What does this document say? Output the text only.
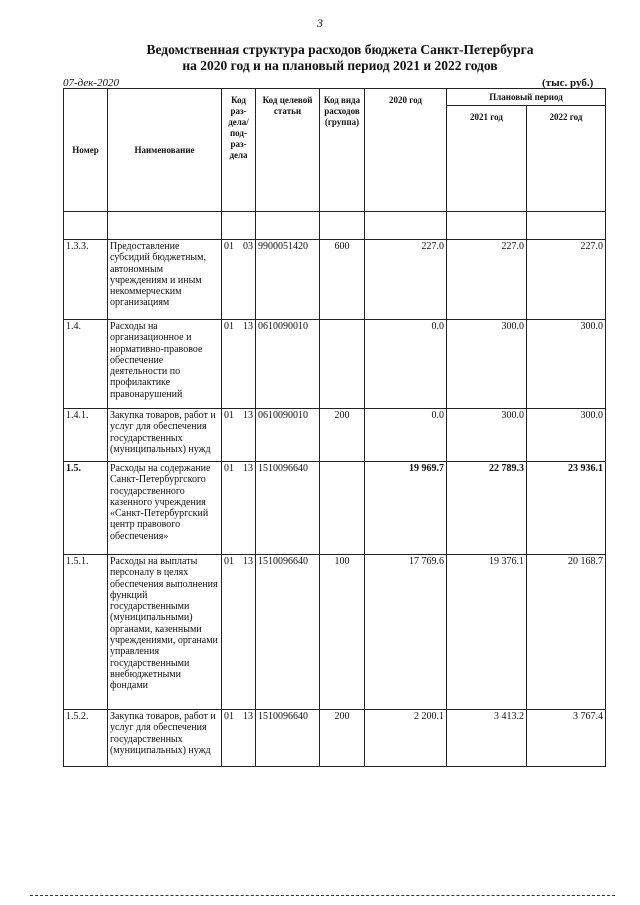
3
Ведомственная структура расходов бюджета Санкт-Петербурга
на 2020 год и на плановый период 2021 и 2022 годов
07-дек-2020	(тыс. руб.)
Номер	Наименование	Код раз-дела/ под-раз-дела	Код целевой статьи	Код вида расходов (группа)	2020 год	Плановый период	
						2021 год	2022 год

1.3.3.	Предоставление субсидий бюджетным, автономным учреждениям и иным некоммерческим организациям	01 03	9900051420	600	227.0	227.0	227.0
1.4.	Расходы на организационное и нормативно-правовое обеспечение деятельности по профилактике правонарушений	01 13	0610090010		0.0	300.0	300.0
1.4.1.	Закупка товаров, работ и услуг для обеспечения государственных (муниципальных) нужд	01 13	0610090010	200	0.0	300.0	300.0
1.5.	Расходы на содержание Санкт-Петербургского государственного казенного учреждения «Санкт-Петербургский центр правового обеспечения»	01 13	1510096640		19 969.7	22 789.3	23 936.1
1.5.1.	Расходы на выплаты персоналу в целях обеспечения выполнения функций государственными (муниципальными) органами, казенными учреждениями, органами управления государственными внебюджетными фондами	01 13	1510096640	100	17 769.6	19 376.1	20 168.7
1.5.2.	Закупка товаров, работ и услуг для обеспечения государственных (муниципальных) нужд	01 13	1510096640	200	2 200.1	3 413.2	3 767.4
